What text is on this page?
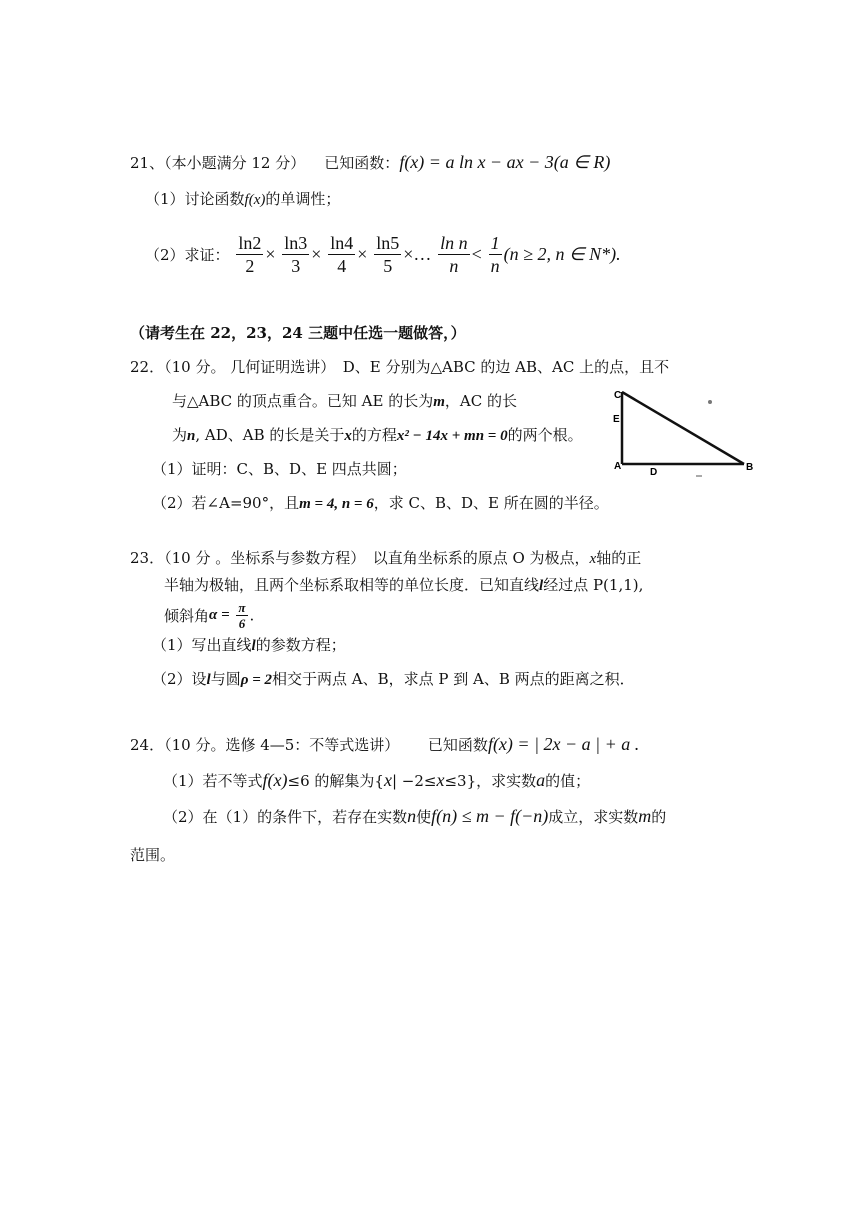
21、（本小题满分 12 分） 已知函数：f(x) = a ln x − ax − 3(a ∈ R)
（1）讨论函数f(x)的单调性；
（2）求证： $\frac{\ln 2}{2} \times \frac{\ln 3}{3} \times \frac{\ln 4}{4} \times \frac{\ln 5}{5}$ ×… $\frac{\text{ln n}}{n} < \frac{1}{n} (n \ge 2$, n ∈ N*).
（请考生在 22，23，24 三题中任选一题做答，）
22．（10 分。 几何证明选讲）　D、E 分别为△ABC 的边 AB、AC 上的点，且不
与△ABC 的顶点重合。已知 AE 的长为m，AC 的长
为n, AD、AB 的长是关于x的方程x² − 14x + mn = 0的两个根。
（1）证明：C、B、D、E 四点共圆；
（2）若∠A=90°，且m = 4, n = 6，求 C、B、D、E 所在圆的半径。
C
E
A
D	B
23．（10 分 。坐标系与参数方程）　以直角坐标系的原点 O 为极点，x轴的正
半轴为极轴，且两个坐标系取相等的单位长度．已知直线l经过点 P(1,1),
倾斜角$\alpha = \frac{\pi}{6}$ .
（1）写出直线l的参数方程；
（2）设l与圆ρ = 2相交于两点 A、B，求点 P 到 A、B 两点的距离之积．
24．（10 分。选修 4—5：不等式选讲） 已知函数f(x) = | 2x − a | + a .
（1）若不等式f(x)≤6 的解集为{x| −2≤x≤3}，求实数a的值；
（2）在（1）的条件下，若存在实数n使f(n) ≤ m − f(−n)成立，求实数m的
范围。
